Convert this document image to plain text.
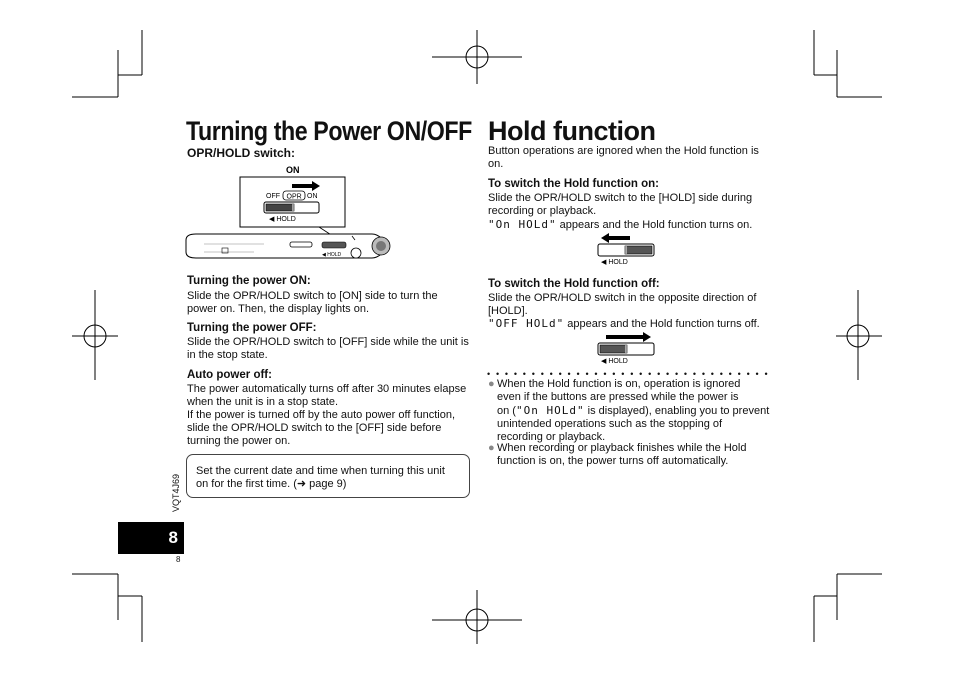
Turning the Power ON/OFF
OPR/HOLD switch:
ON
OFF OPR ON
◀ HOLD
◀ HOLD
Turning the power ON:
Slide the OPR/HOLD switch to [ON] side to turn the power on. Then, the display lights on.
Turning the power OFF:
Slide the OPR/HOLD switch to [OFF] side while the unit is in the stop state.
Auto power off:
The power automatically turns off after 30 minutes elapse when the unit is in a stop state.
If the power is turned off by the auto power off function, slide the OPR/HOLD switch to the [OFF] side before turning the power on.
Set the current date and time when turning this unit on for the first time. (➜ page 9)
VQT4J69
8
8
Hold function
Button operations are ignored when the Hold function is on.
To switch the Hold function on:
Slide the OPR/HOLD switch to the [HOLD] side during recording or playback.
"On HOLd" appears and the Hold function turns on.
◀ HOLD
To switch the Hold function off:
Slide the OPR/HOLD switch in the opposite direction of [HOLD].
"OFF HOLd" appears and the Hold function turns off.
◀ HOLD
••••••••••••••••••••••••••••••••
● When the Hold function is on, operation is ignored
even if the buttons are pressed while the power is
on ("On HOLd" is displayed), enabling you to prevent
unintended operations such as the stopping of
recording or playback.
● When recording or playback finishes while the Hold function is on, the power turns off automatically.
